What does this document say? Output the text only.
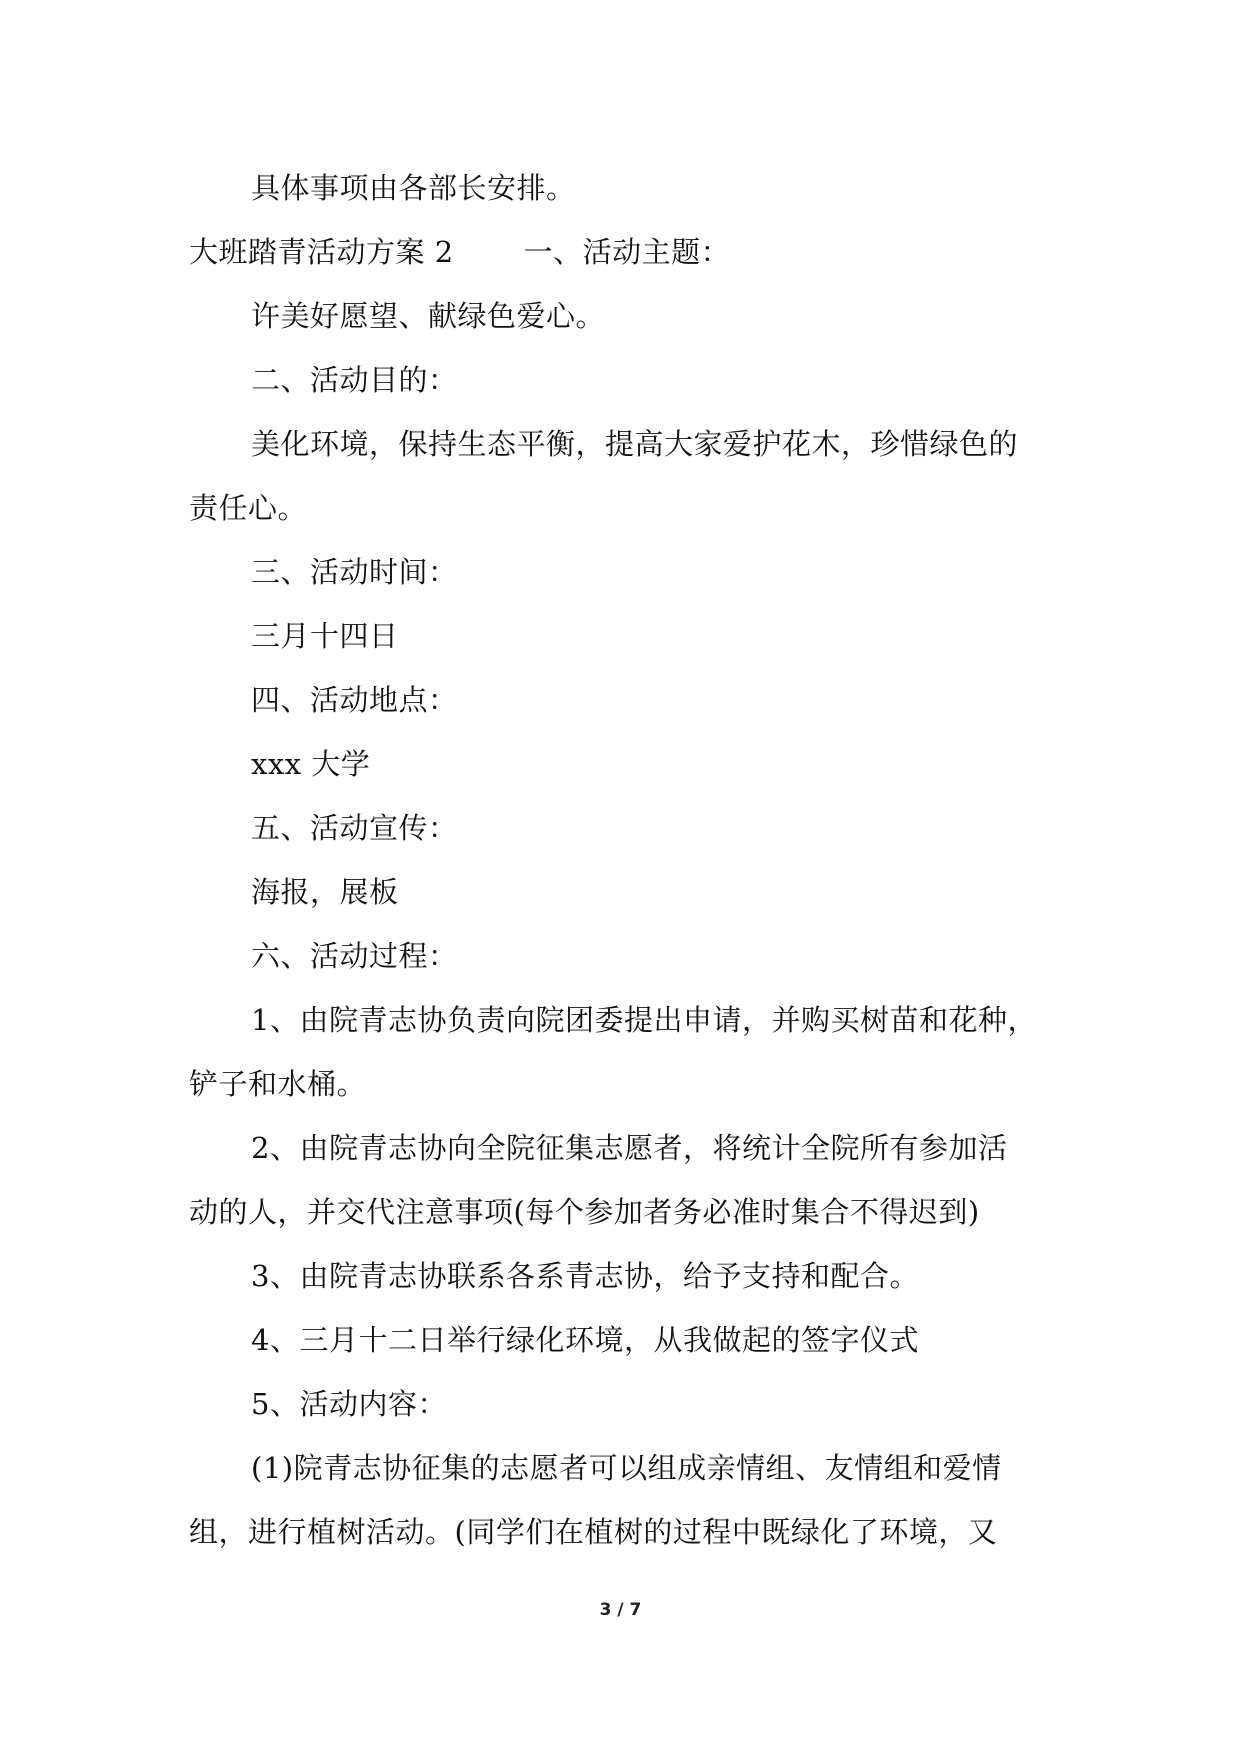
具体事项由各部长安排。
大班踏青活动方案 2 一、活动主题：
许美好愿望、献绿色爱心。
二、活动目的：
美化环境，保持生态平衡，提高大家爱护花木，珍惜绿色的
责任心。
三、活动时间：
三月十四日
四、活动地点：
xxx 大学
五、活动宣传：
海报，展板
六、活动过程：
1、由院青志协负责向院团委提出申请，并购买树苗和花种，
铲子和水桶。
2、由院青志协向全院征集志愿者，将统计全院所有参加活
动的人，并交代注意事项(每个参加者务必准时集合不得迟到)
3、由院青志协联系各系青志协，给予支持和配合。
4、三月十二日举行绿化环境，从我做起的签字仪式
5、活动内容：
(1)院青志协征集的志愿者可以组成亲情组、友情组和爱情
组，进行植树活动。(同学们在植树的过程中既绿化了环境，又
3 / 7
